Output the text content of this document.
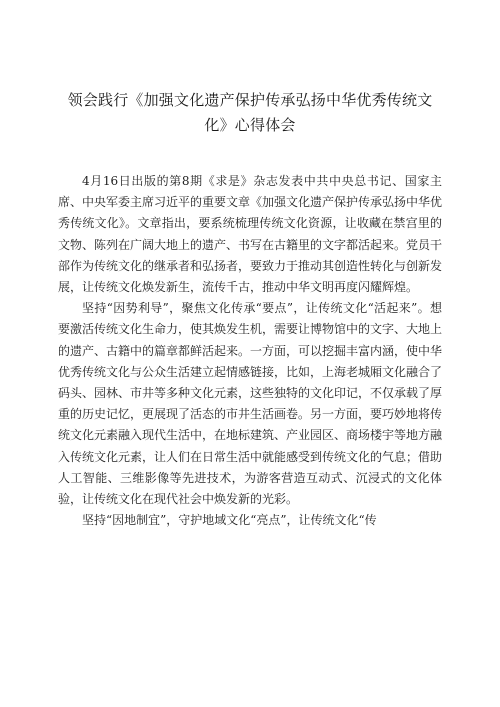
领会践行《加强文化遗产保护传承弘扬中华优秀传统文
化》心得体会

4月16日出版的第8期《求是》杂志发表中共中央总书记、国家主席、中央军委主席习近平的重要文章《加强文化遗产保护传承弘扬中华优秀传统文化》。文章指出，要系统梳理传统文化资源，让收藏在禁宫里的文物、陈列在广阔大地上的遗产、书写在古籍里的文字都活起来。党员干部作为传统文化的继承者和弘扬者，要致力于推动其创造性转化与创新发展，让传统文化焕发新生，流传千古，推动中华文明再度闪耀辉煌。

坚持“因势利导”，聚焦文化传承“要点”，让传统文化“活起来”。想要激活传统文化生命力，使其焕发生机，需要让博物馆中的文字、大地上的遗产、古籍中的篇章都鲜活起来。一方面，可以挖掘丰富内涵，使中华优秀传统文化与公众生活建立起情感链接，比如，上海老城厢文化融合了码头、园林、市井等多种文化元素，这些独特的文化印记，不仅承载了厚重的历史记忆，更展现了活态的市井生活画卷。另一方面，要巧妙地将传统文化元素融入现代生活中，在地标建筑、产业园区、商场楼宇等地方融入传统文化元素，让人们在日常生活中就能感受到传统文化的气息；借助人工智能、三维影像等先进技术，为游客营造互动式、沉浸式的文化体验，让传统文化在现代社会中焕发新的光彩。

坚持“因地制宜”，守护地域文化“亮点”，让传统文化“传
